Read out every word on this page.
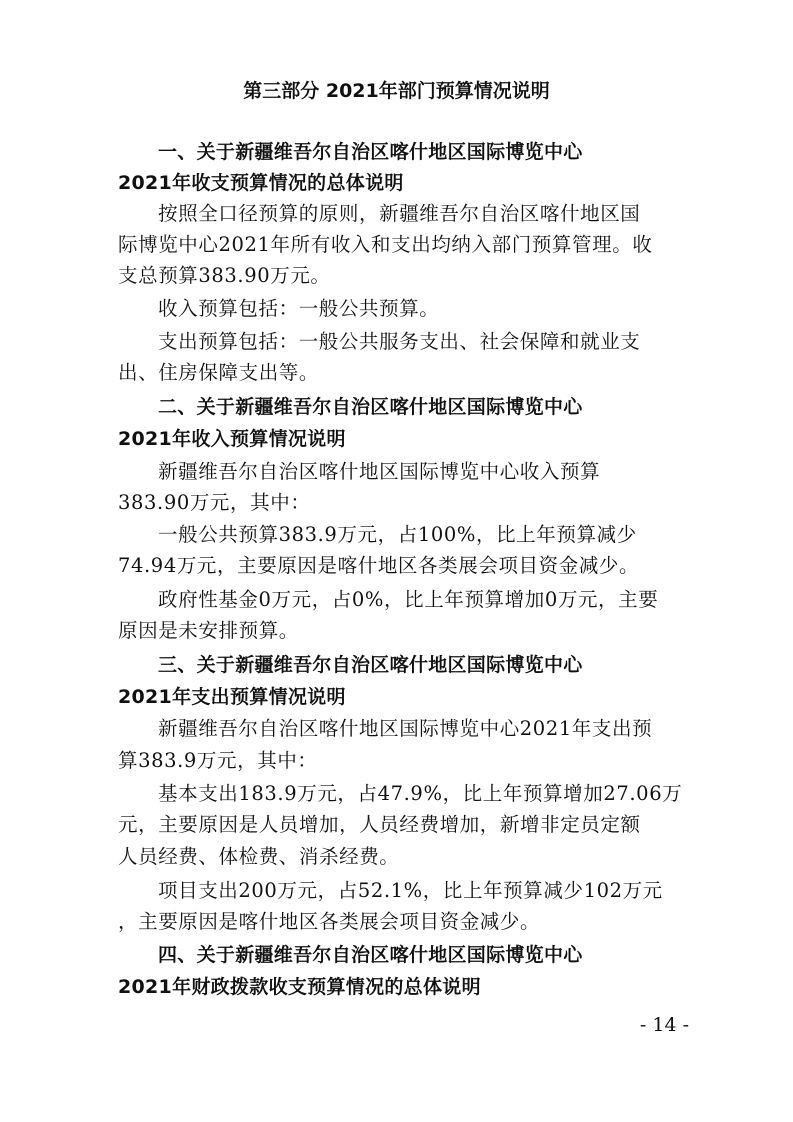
第三部分 2021年部门预算情况说明
一、关于新疆维吾尔自治区喀什地区国际博览中心
2021年收支预算情况的总体说明
按照全口径预算的原则，新疆维吾尔自治区喀什地区国
际博览中心2021年所有收入和支出均纳入部门预算管理。收
支总预算383.90万元。
收入预算包括：一般公共预算。
支出预算包括：一般公共服务支出、社会保障和就业支
出、住房保障支出等。
二、关于新疆维吾尔自治区喀什地区国际博览中心
2021年收入预算情况说明
新疆维吾尔自治区喀什地区国际博览中心收入预算
383.90万元，其中：
一般公共预算383.9万元，占100%，比上年预算减少
74.94万元，主要原因是喀什地区各类展会项目资金减少。
政府性基金0万元，占0%，比上年预算增加0万元，主要
原因是未安排预算。
三、关于新疆维吾尔自治区喀什地区国际博览中心
2021年支出预算情况说明
新疆维吾尔自治区喀什地区国际博览中心2021年支出预
算383.9万元，其中：
基本支出183.9万元，占47.9%，比上年预算增加27.06万
元，主要原因是人员增加，人员经费增加，新增非定员定额
人员经费、体检费、消杀经费。
项目支出200万元，占52.1%，比上年预算减少102万元
，主要原因是喀什地区各类展会项目资金减少。
四、关于新疆维吾尔自治区喀什地区国际博览中心
2021年财政拨款收支预算情况的总体说明
- 14 -
